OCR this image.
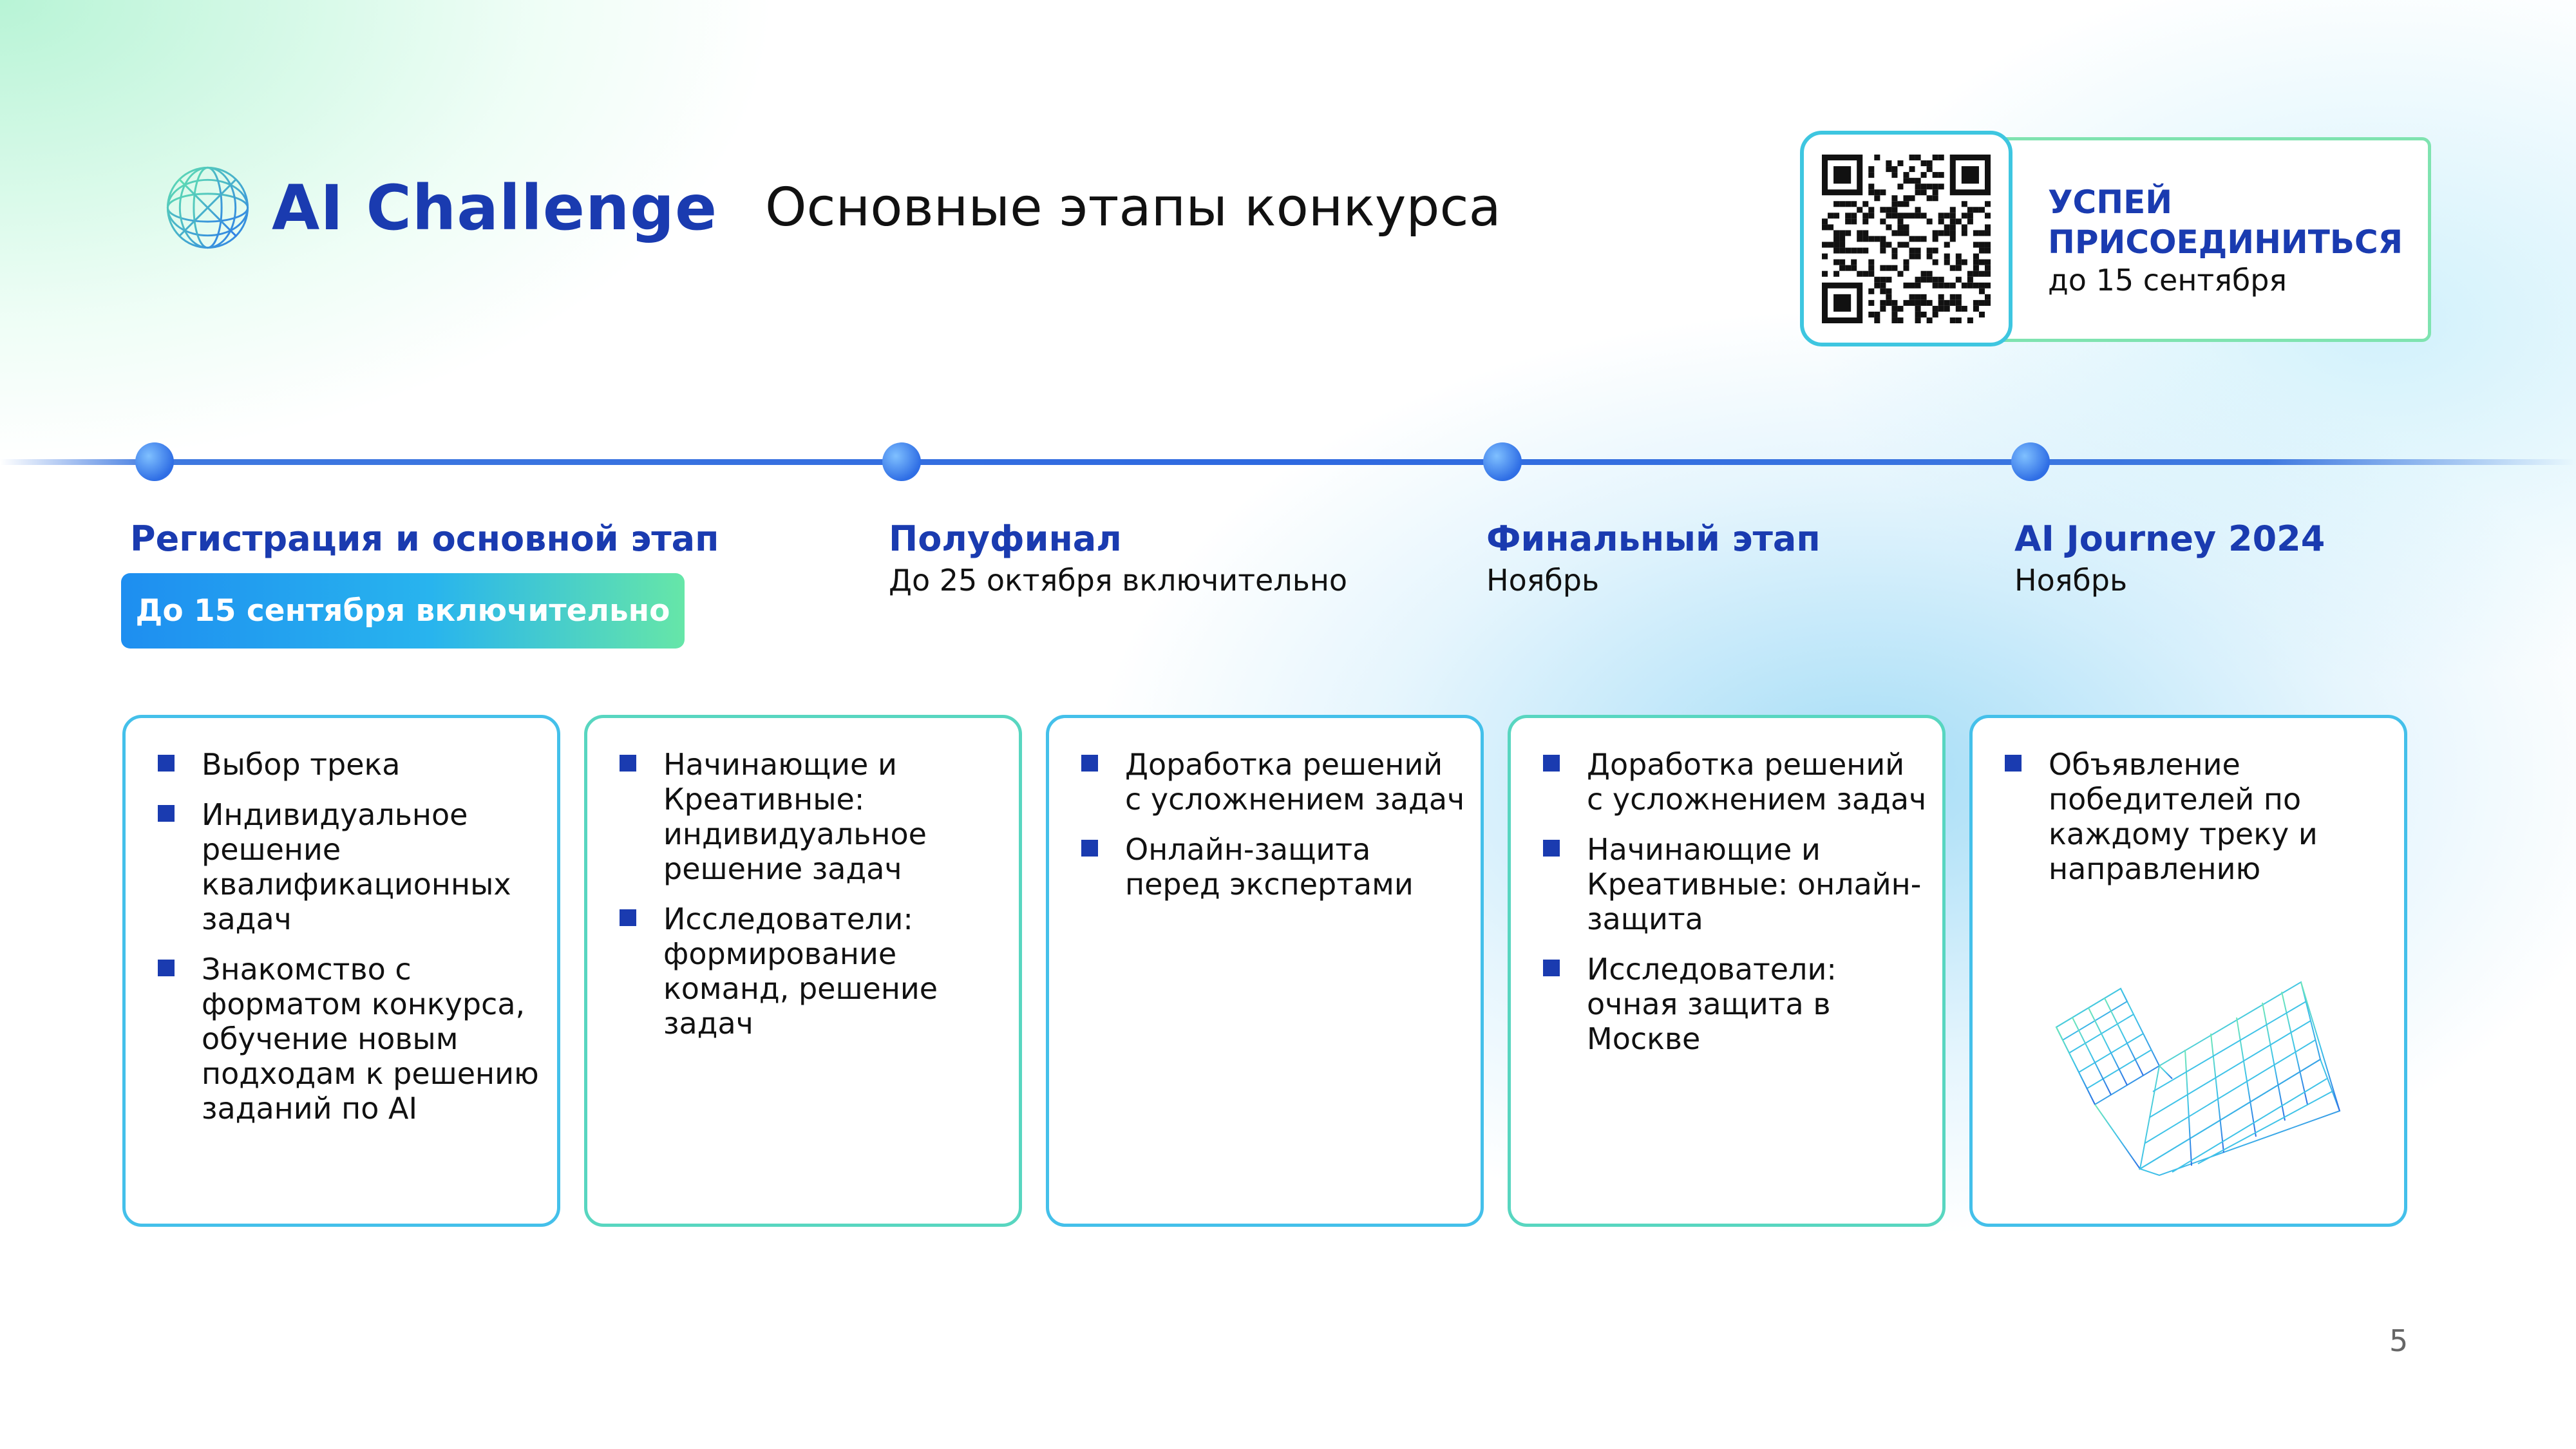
AI Challenge Основные этапы конкурса	УСПЕЙ
ПРИСОЕДИНИТЬСЯ
до 15 сентября
Регистрация и основной этап
До 15 сентября включительно
Полуфинал
До 25 октября включительно
Финальный этап
Ноябрь
AI Journey 2024
Ноябрь
Выбор трека
Индивидуальное решение квалификационных задач
Знакомство с форматом конкурса, обучение новым подходам к решению заданий по AI
Начинающие и Креативные: индивидуальное решение задач
Исследователи: формирование команд, решение задач
Доработка решений с усложнением задач
Онлайн-защита перед экспертами
Доработка решений с усложнением задач
Начинающие и Креативные: онлайн-защита
Исследователи: очная защита в Москве
Объявление победителей по каждому треку и направлению
5
